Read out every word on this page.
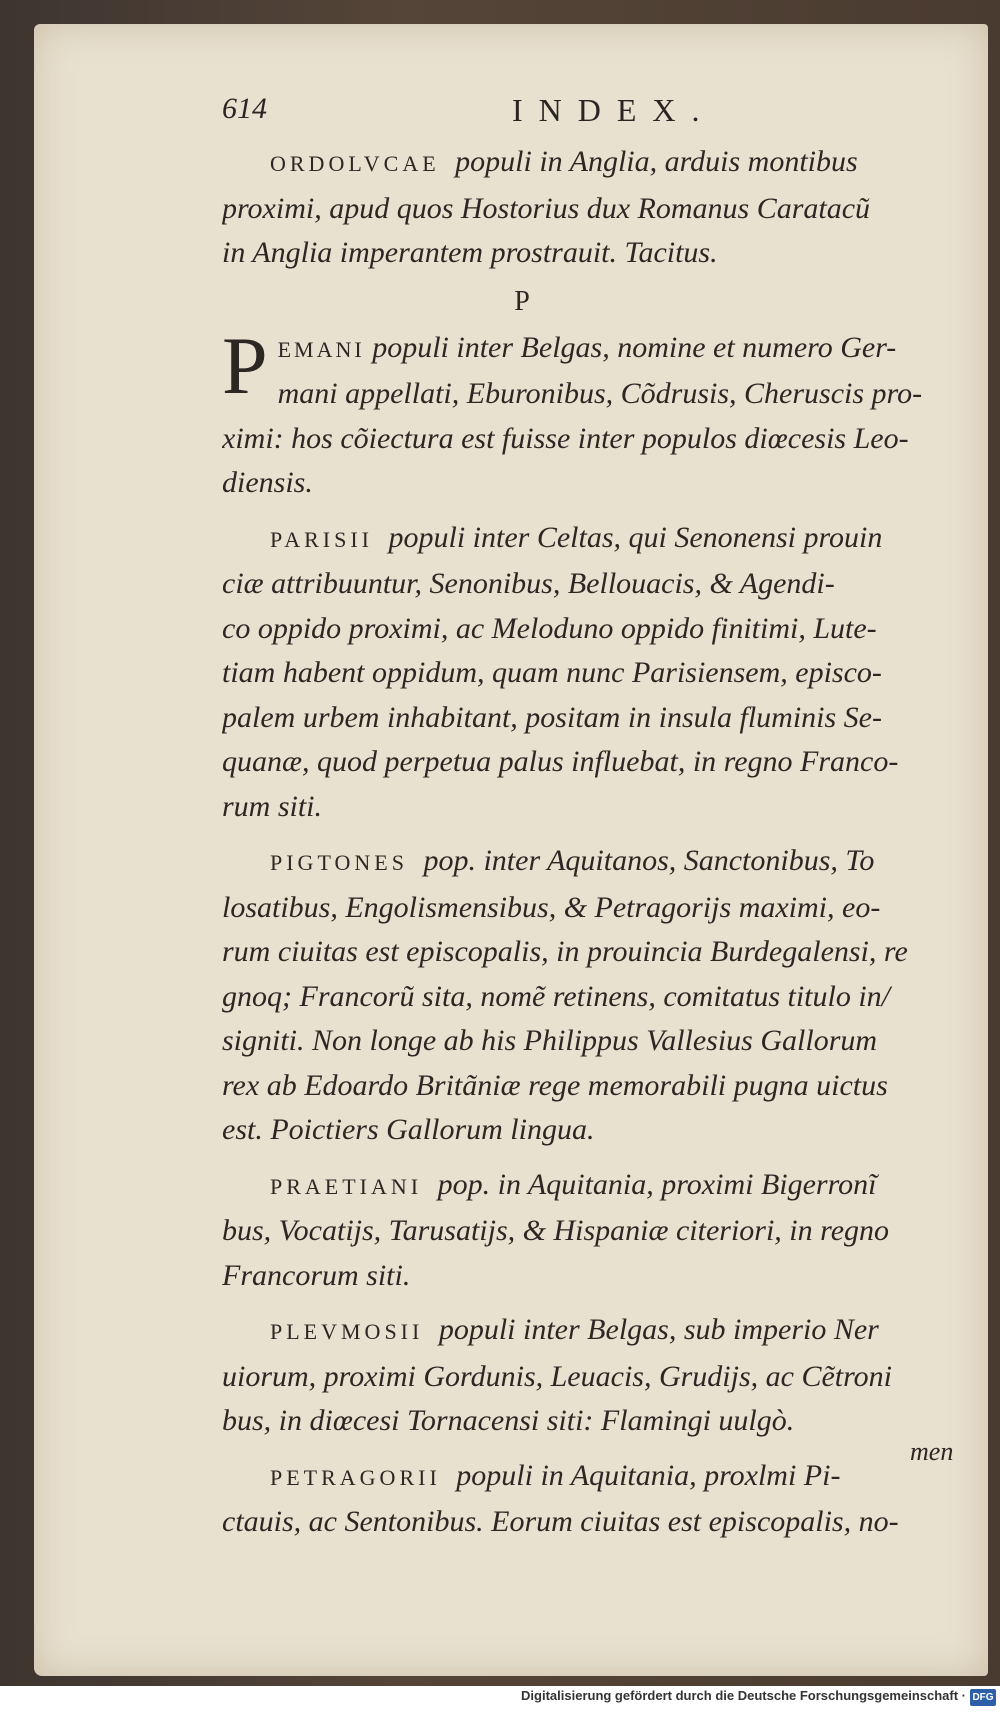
614	INDEX.
ORDOLVCAE populi in Anglia, arduis montibus
proximi, apud quos Hostorius dux Romanus Caratacũ
in Anglia imperantem prostrauit. Tacitus.
P
P EMANI populi inter Belgas, nomine et numero Ger-
mani appellati, Eburonibus, Cõdrusis, Cheruscis pro-
ximi: hos cõiectura est fuisse inter populos diœcesis Leo-
diensis.
PARISII populi inter Celtas, qui Senonensi prouin
ciæ attribuuntur, Senonibus, Bellouacis, & Agendi-
co oppido proximi, ac Meloduno oppido finitimi, Lute-
tiam habent oppidum, quam nunc Parisiensem, episco-
palem urbem inhabitant, positam in insula fluminis Se-
quanæ, quod perpetua palus influebat, in regno Franco-
rum siti.
PIGTONES pop. inter Aquitanos, Sanctonibus, To
losatibus, Engolismensibus, & Petragorijs maximi, eo-
rum ciuitas est episcopalis, in prouincia Burdegalensi, re
gnoq; Francorũ sita, nomẽ retinens, comitatus titulo in/
signiti. Non longe ab his Philippus Vallesius Gallorum
rex ab Edoardo Britãniæ rege memorabili pugna uictus
est. Poictiers Gallorum lingua.
PRAETIANI pop. in Aquitania, proximi Bigerronĩ
bus, Vocatijs, Tarusatijs, & Hispaniæ citeriori, in regno
Francorum siti.
PLEVMOSII populi inter Belgas, sub imperio Ner
uiorum, proximi Gordunis, Leuacis, Grudijs, ac Cẽtroni
bus, in diœcesi Tornacensi siti: Flamingi uulgò.
PETRAGORII populi in Aquitania, proxlmi Pi-
ctauis, ac Sentonibus. Eorum ciuitas est episcopalis, no-
men
Digitalisierung gefördert durch die Deutsche Forschungsgemeinschaft · DFG
